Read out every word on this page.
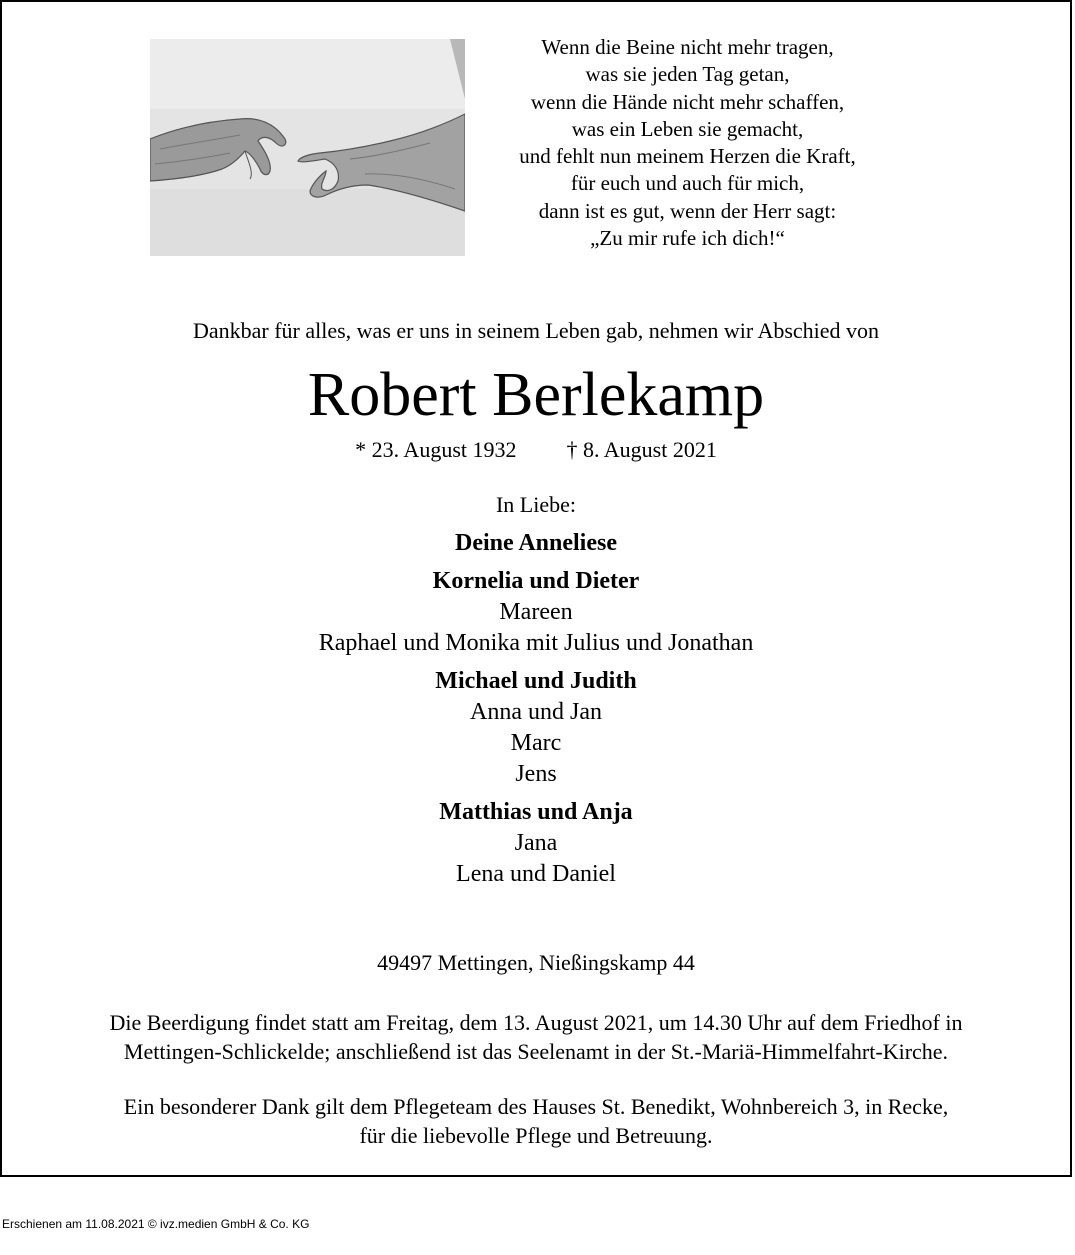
Wenn die Beine nicht mehr tragen,
was sie jeden Tag getan,
wenn die Hände nicht mehr schaffen,
was ein Leben sie gemacht,
und fehlt nun meinem Herzen die Kraft,
für euch und auch für mich,
dann ist es gut, wenn der Herr sagt:
„Zu mir rufe ich dich!“
Dankbar für alles, was er uns in seinem Leben gab, nehmen wir Abschied von
Robert Berlekamp
* 23. August 1932 † 8. August 2021
In Liebe:
Deine Anneliese
Kornelia und Dieter
Mareen
Raphael und Monika mit Julius und Jonathan
Michael und Judith
Anna und Jan
Marc
Jens
Matthias und Anja
Jana
Lena und Daniel
49497 Mettingen, Nießingskamp 44
Die Beerdigung findet statt am Freitag, dem 13. August 2021, um 14.30 Uhr auf dem Friedhof in
Mettingen-Schlickelde; anschließend ist das Seelenamt in der St.-Mariä-Himmelfahrt-Kirche.
Ein besonderer Dank gilt dem Pflegeteam des Hauses St. Benedikt, Wohnbereich 3, in Recke,
für die liebevolle Pflege und Betreuung.
Erschienen am 11.08.2021 © ivz.medien GmbH & Co. KG
